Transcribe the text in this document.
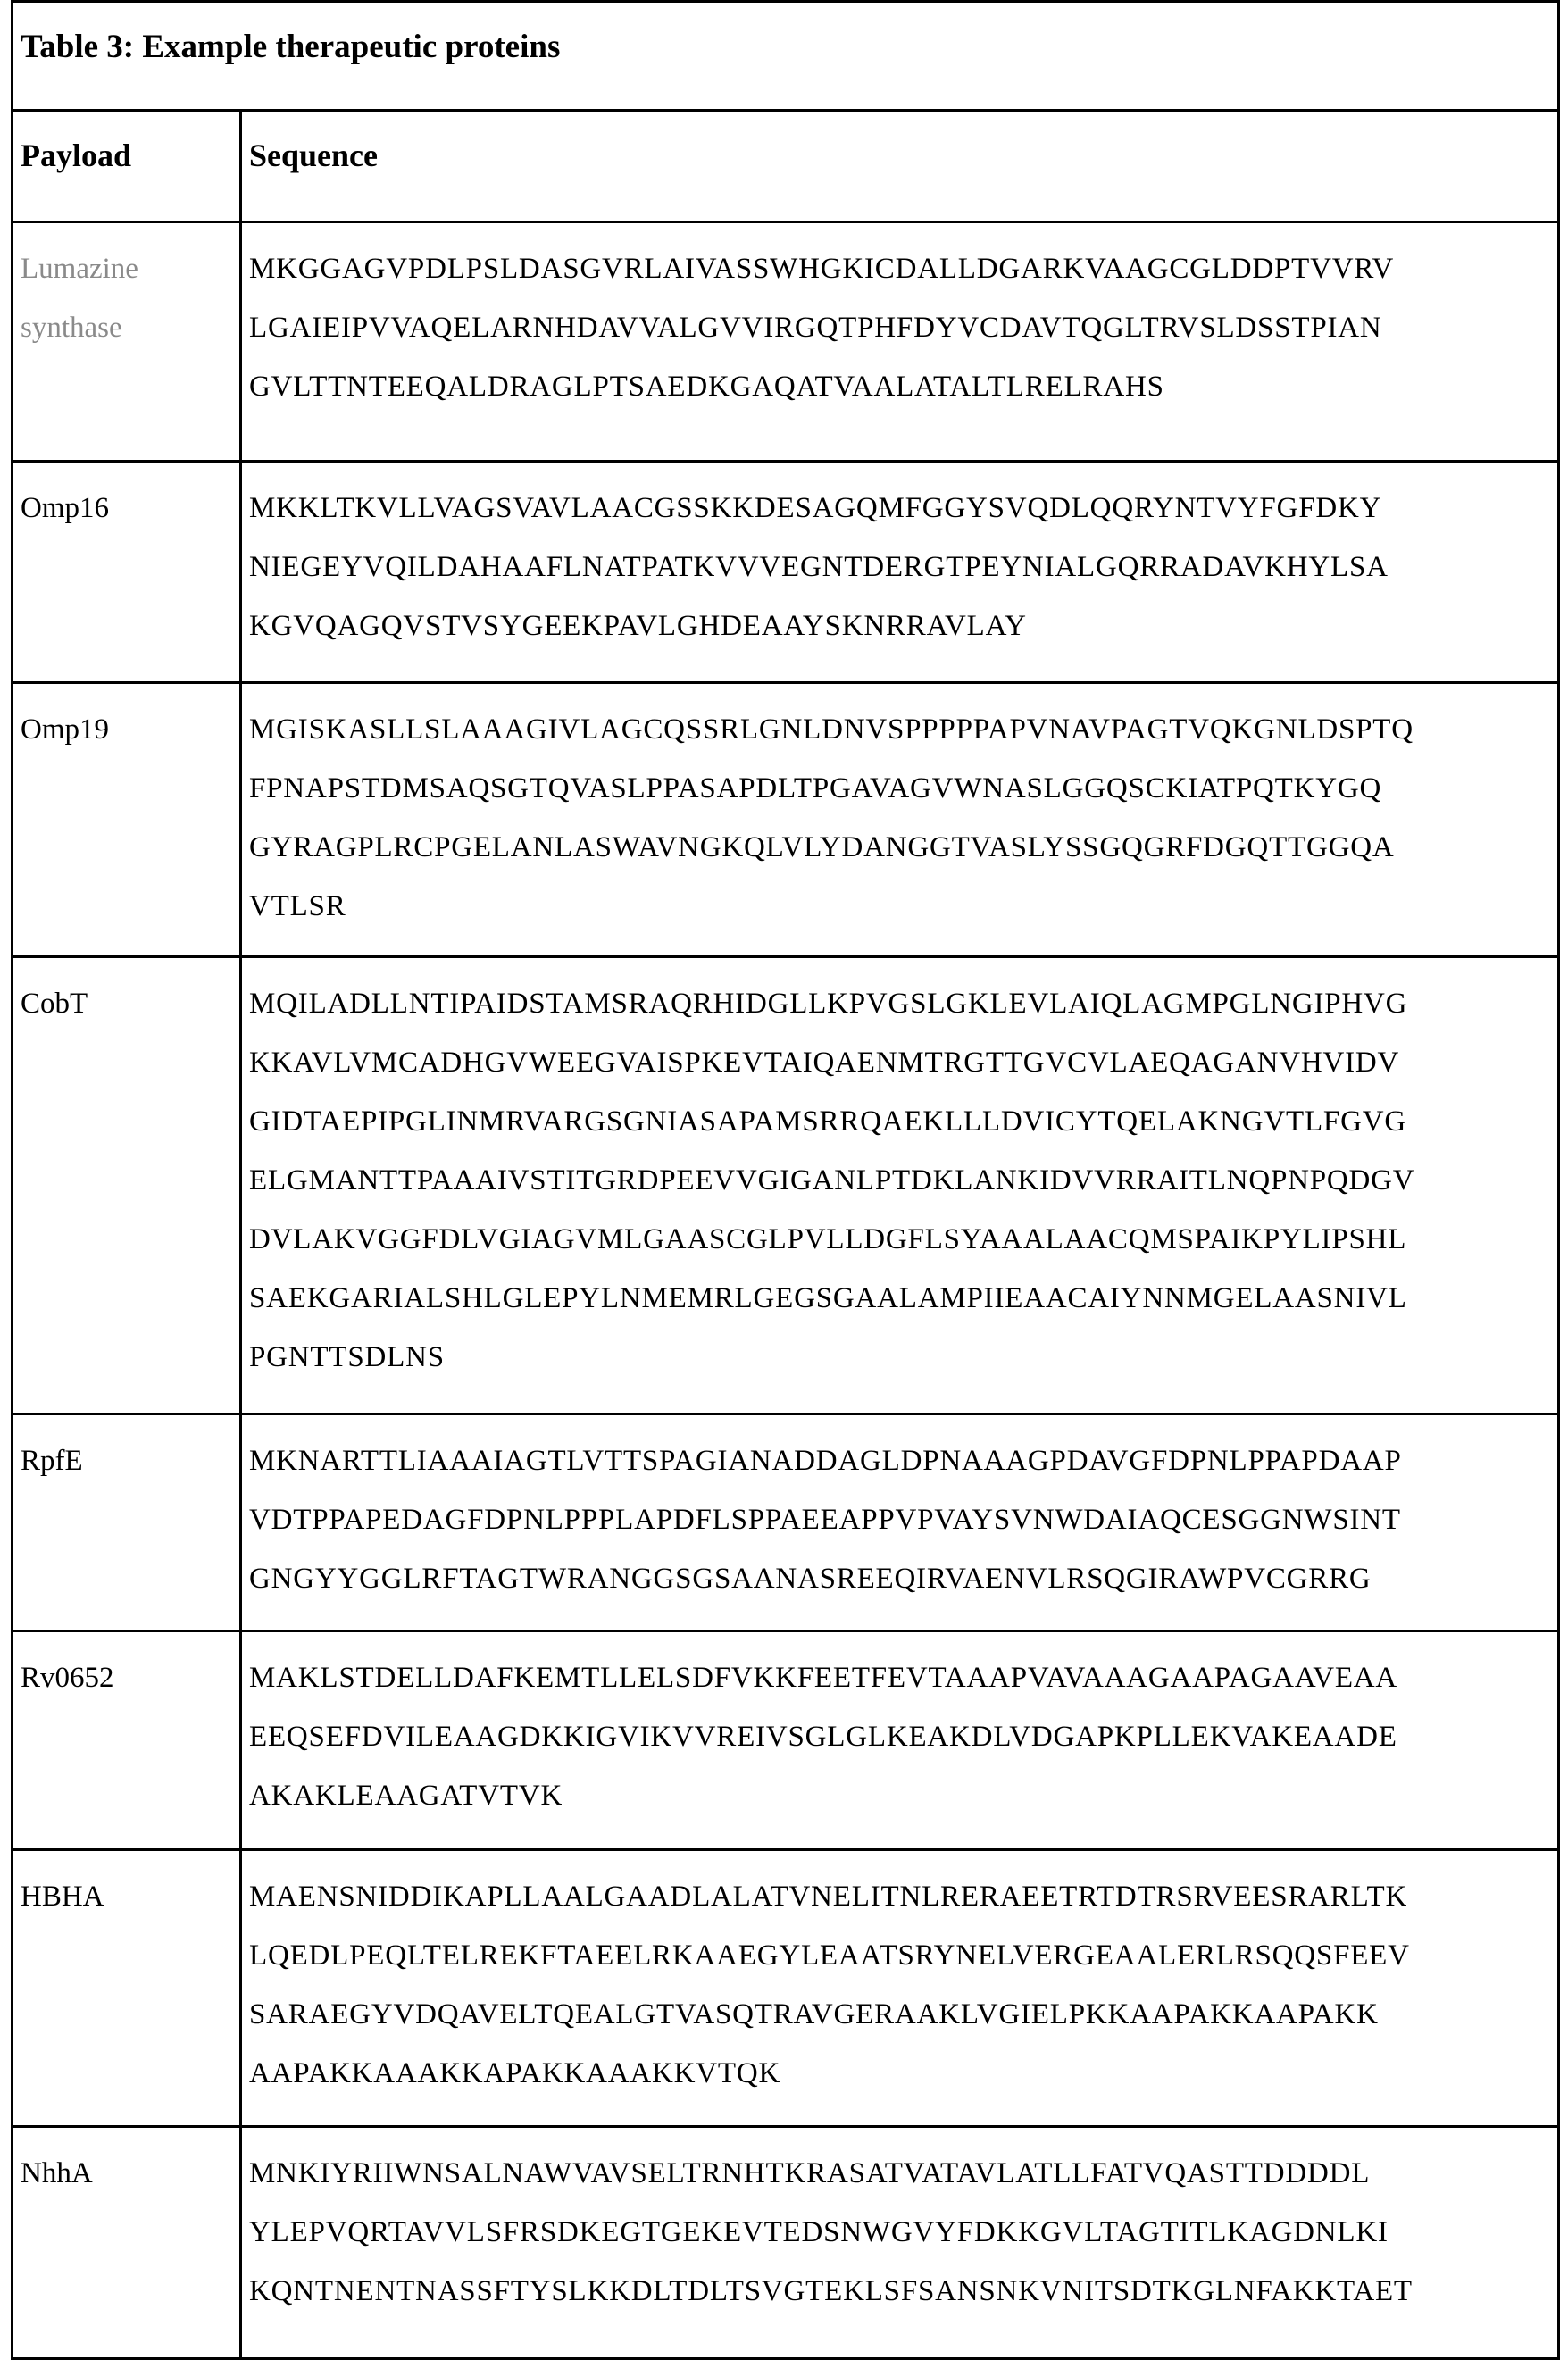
Table 3: Example therapeutic proteins
Payload	Sequence
Lumazine synthase	
MKGGAGVPDLPSLDASGVRLAIVASSWHGKICDALLDGARKVAAGCGLDDPTVVRV
LGAIEIPVVAQELARNHDAVVALGVVIRGQTPHFDYVCDAVTQGLTRVSLDSSTPIAN
GVLTTNTEEQALDRAGLPTSAEDKGAQATVAALATALTLRELRAHS

Omp16	MKKLTKVLLVAGSVAVLAACGSSKKDESAGQMFGGYSVQDLQQRYNTVYFGFDKY
NIEGEYVQILDAHAAFLNATPATKVVVEGNTDERGTPEYNIALGQRRADAVKHYLSA
KGVQAGQVSTVSYGEEKPAVLGHDEAAYSKNRRAVLAY

Omp19	MGISKASLLSLAAAGIVLAGCQSSRLGNLDNVSPPPPPAPVNAVPAGTVQKGNLDSPTQ
FPNAPSTDMSAQSGTQVASLPPASAPDLTPGAVAGVWNASLGGQSCKIATPQTKYGQ
GYRAGPLRCPGELANLASWAVNGKQLVLYDANGGTVASLYSSGQGRFDGQTTGGQA
VTLSR

CobT	MQILADLLNTIPAIDSTAMSRAQRHIDGLLKPVGSLGKLEVLAIQLAGMPGLNGIPHVG
KKAVLVMCADHGVWEEGVAISPKEVTAIQAENMTRGTTGVCVLAEQAGANVHVIDV
GIDTAEPIPGLINMRVARGSGNIASAPAMSRRQAEKLLLDVICYTQELAKNGVTLFGVG
ELGMANTTPAAAIVSTITGRDPEEVVGIGANLPTDKLANKIDVVRRAITLNQPNPQDGV
DVLAKVGGFDLVGIAGVMLGAASCGLPVLLDGFLSYAAALAACQMSPAIKPYLIPSHL
SAEKGARIALSHLGLEPYLNMEMRLGEGSGAALAMPIIEAACAIYNNMGELAASNIVL
PGNTTSDLNS

RpfE	MKNARTTLIAAAIAGTLVTTSPAGIANADDAGLDPNAAAGPDAVGFDPNLPPAPDAAP
VDTPPAPEDAGFDPNLPPPLAPDFLSPPAEEAPPVPVAYSVNWDAIAQCESGGNWSINT
GNGYYGGLRFTAGTWRANGGSGSAANASREEQIRVAENVLRSQGIRAWPVCGRRG

Rv0652	MAKLSTDELLDAFKEMTLLELSDFVKKFEETFEVTAAAPVAVAAAGAAPAGAAVEAA
EEQSEFDVILEAAGDKKIGVIKVVREIVSGLGLKEAKDLVDGAPKPLLEKVAKEAADE
AKAKLEAAGATVTVK

HBHA	MAENSNIDDIKAPLLAALGAADLALATVNELITNLRERAEETRTDTRSRVEESRARLTK
LQEDLPEQLTELREKFTAEELRKAAEGYLEAATSRYNELVERGEAALERLRSQQSFEEV
SARAEGYVDQAVELTQEALGTVASQTRAVGERAAKLVGIELPKKAAPAKKAAPAKK
AAPAKKAAAKKAPAKKAAAKKVTQK

NhhA	MNKIYRIIWNSALNAWVAVSELTRNHTKRASATVATAVLATLLFATVQASTTDDDDL
YLEPVQRTAVVLSFRSDKEGTGEKEVTEDSNWGVYFDKKGVLTAGTITLKAGDNLKI
KQNTNENTNASSFTYSLKKDLTDLTSVGTEKLSFSANSNKVNITSDTKGLNFAKKTAET
